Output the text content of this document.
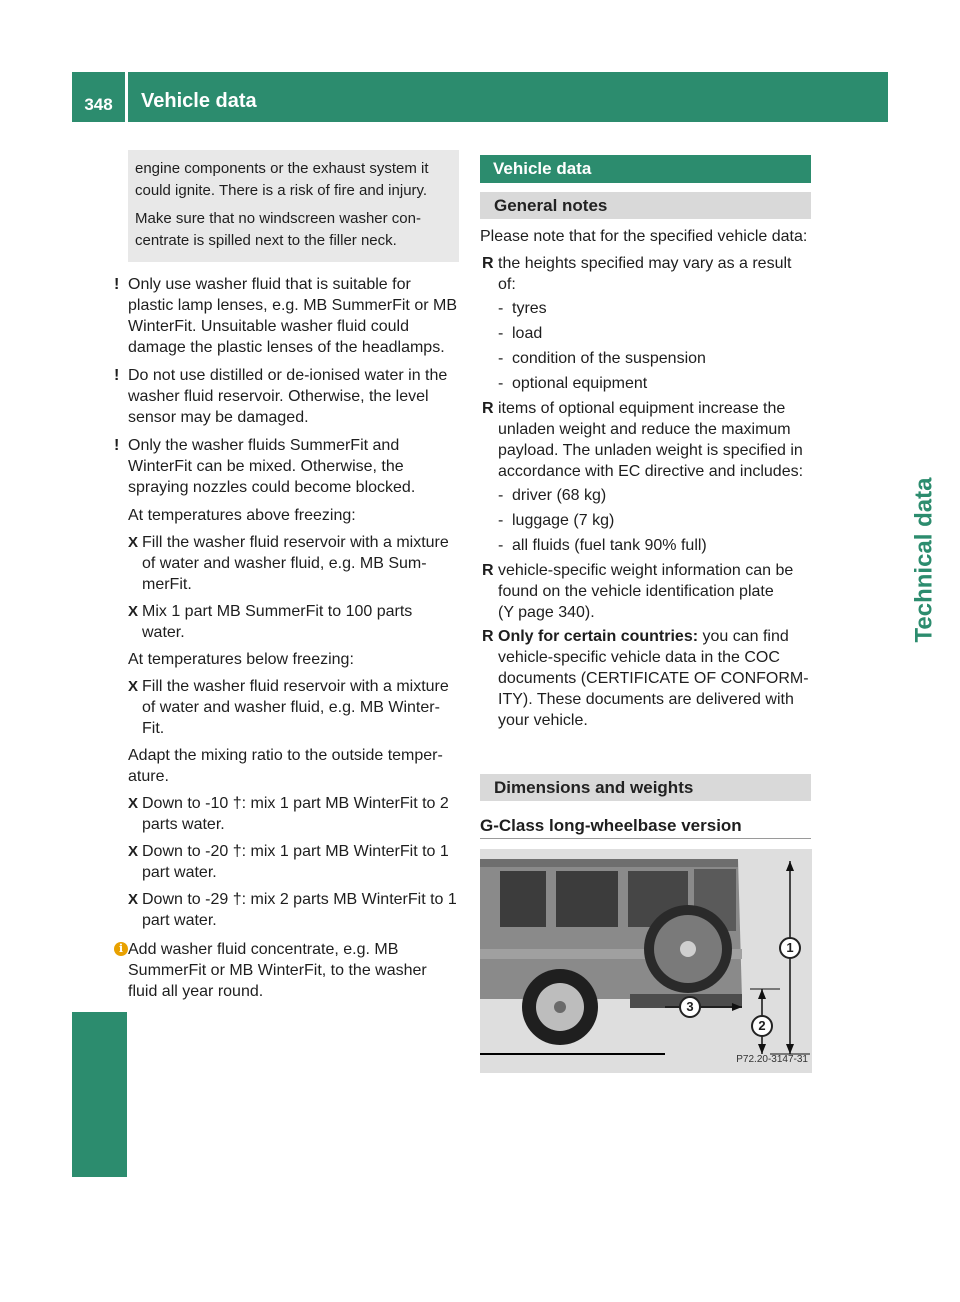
348	Vehicle data
Technical data

engine components or the exhaust system it could ignite. There is a risk of fire and injury.

Make sure that no windscreen washer con-centrate is spilled next to the filler neck.

! Only use washer fluid that is suitable for plastic lamp lenses, e.g. MB SummerFit or MB WinterFit. Unsuitable washer fluid could damage the plastic lenses of the headlamps.
! Do not use distilled or de-ionised water in the washer fluid reservoir. Otherwise, the level sensor may be damaged.
! Only the washer fluids SummerFit and WinterFit can be mixed. Otherwise, the spraying nozzles could become blocked.

At temperatures above freezing:

X Fill the washer fluid reservoir with a mixture of water and washer fluid, e.g. MB Sum-merFit.
X Mix 1 part MB SummerFit to 100 parts water.

At temperatures below freezing:

X Fill the washer fluid reservoir with a mixture of water and washer fluid, e.g. MB Winter-Fit.

Adapt the mixing ratio to the outside temper-ature.

X Down to -10 †: mix 1 part MB WinterFit to 2 parts water.
X Down to -20 †: mix 1 part MB WinterFit to 1 part water.
X Down to -29 †: mix 2 parts MB WinterFit to 1 part water.
i Add washer fluid concentrate, e.g. MB SummerFit or MB WinterFit, to the washer fluid all year round.
Vehicle data
General notes

Please note that for the specified vehicle data:

R the heights specified may vary as a result of:
- tyres
- load
- condition of the suspension
- optional equipment
R items of optional equipment increase the unladen weight and reduce the maximum payload. The unladen weight is specified in accordance with EC directive and includes:
- driver (68 kg)
- luggage (7 kg)
- all fluids (fuel tank 90% full)
R vehicle-specific weight information can be found on the vehicle identification plate
(Y page 340).
R Only for certain countries: you can find vehicle-specific vehicle data in the COC documents (CERTIFICATE OF CONFORM-ITY). These documents are delivered with your vehicle.
Dimensions and weights
G-Class long-wheelbase version
1
2
3
P72.20-3147-31
